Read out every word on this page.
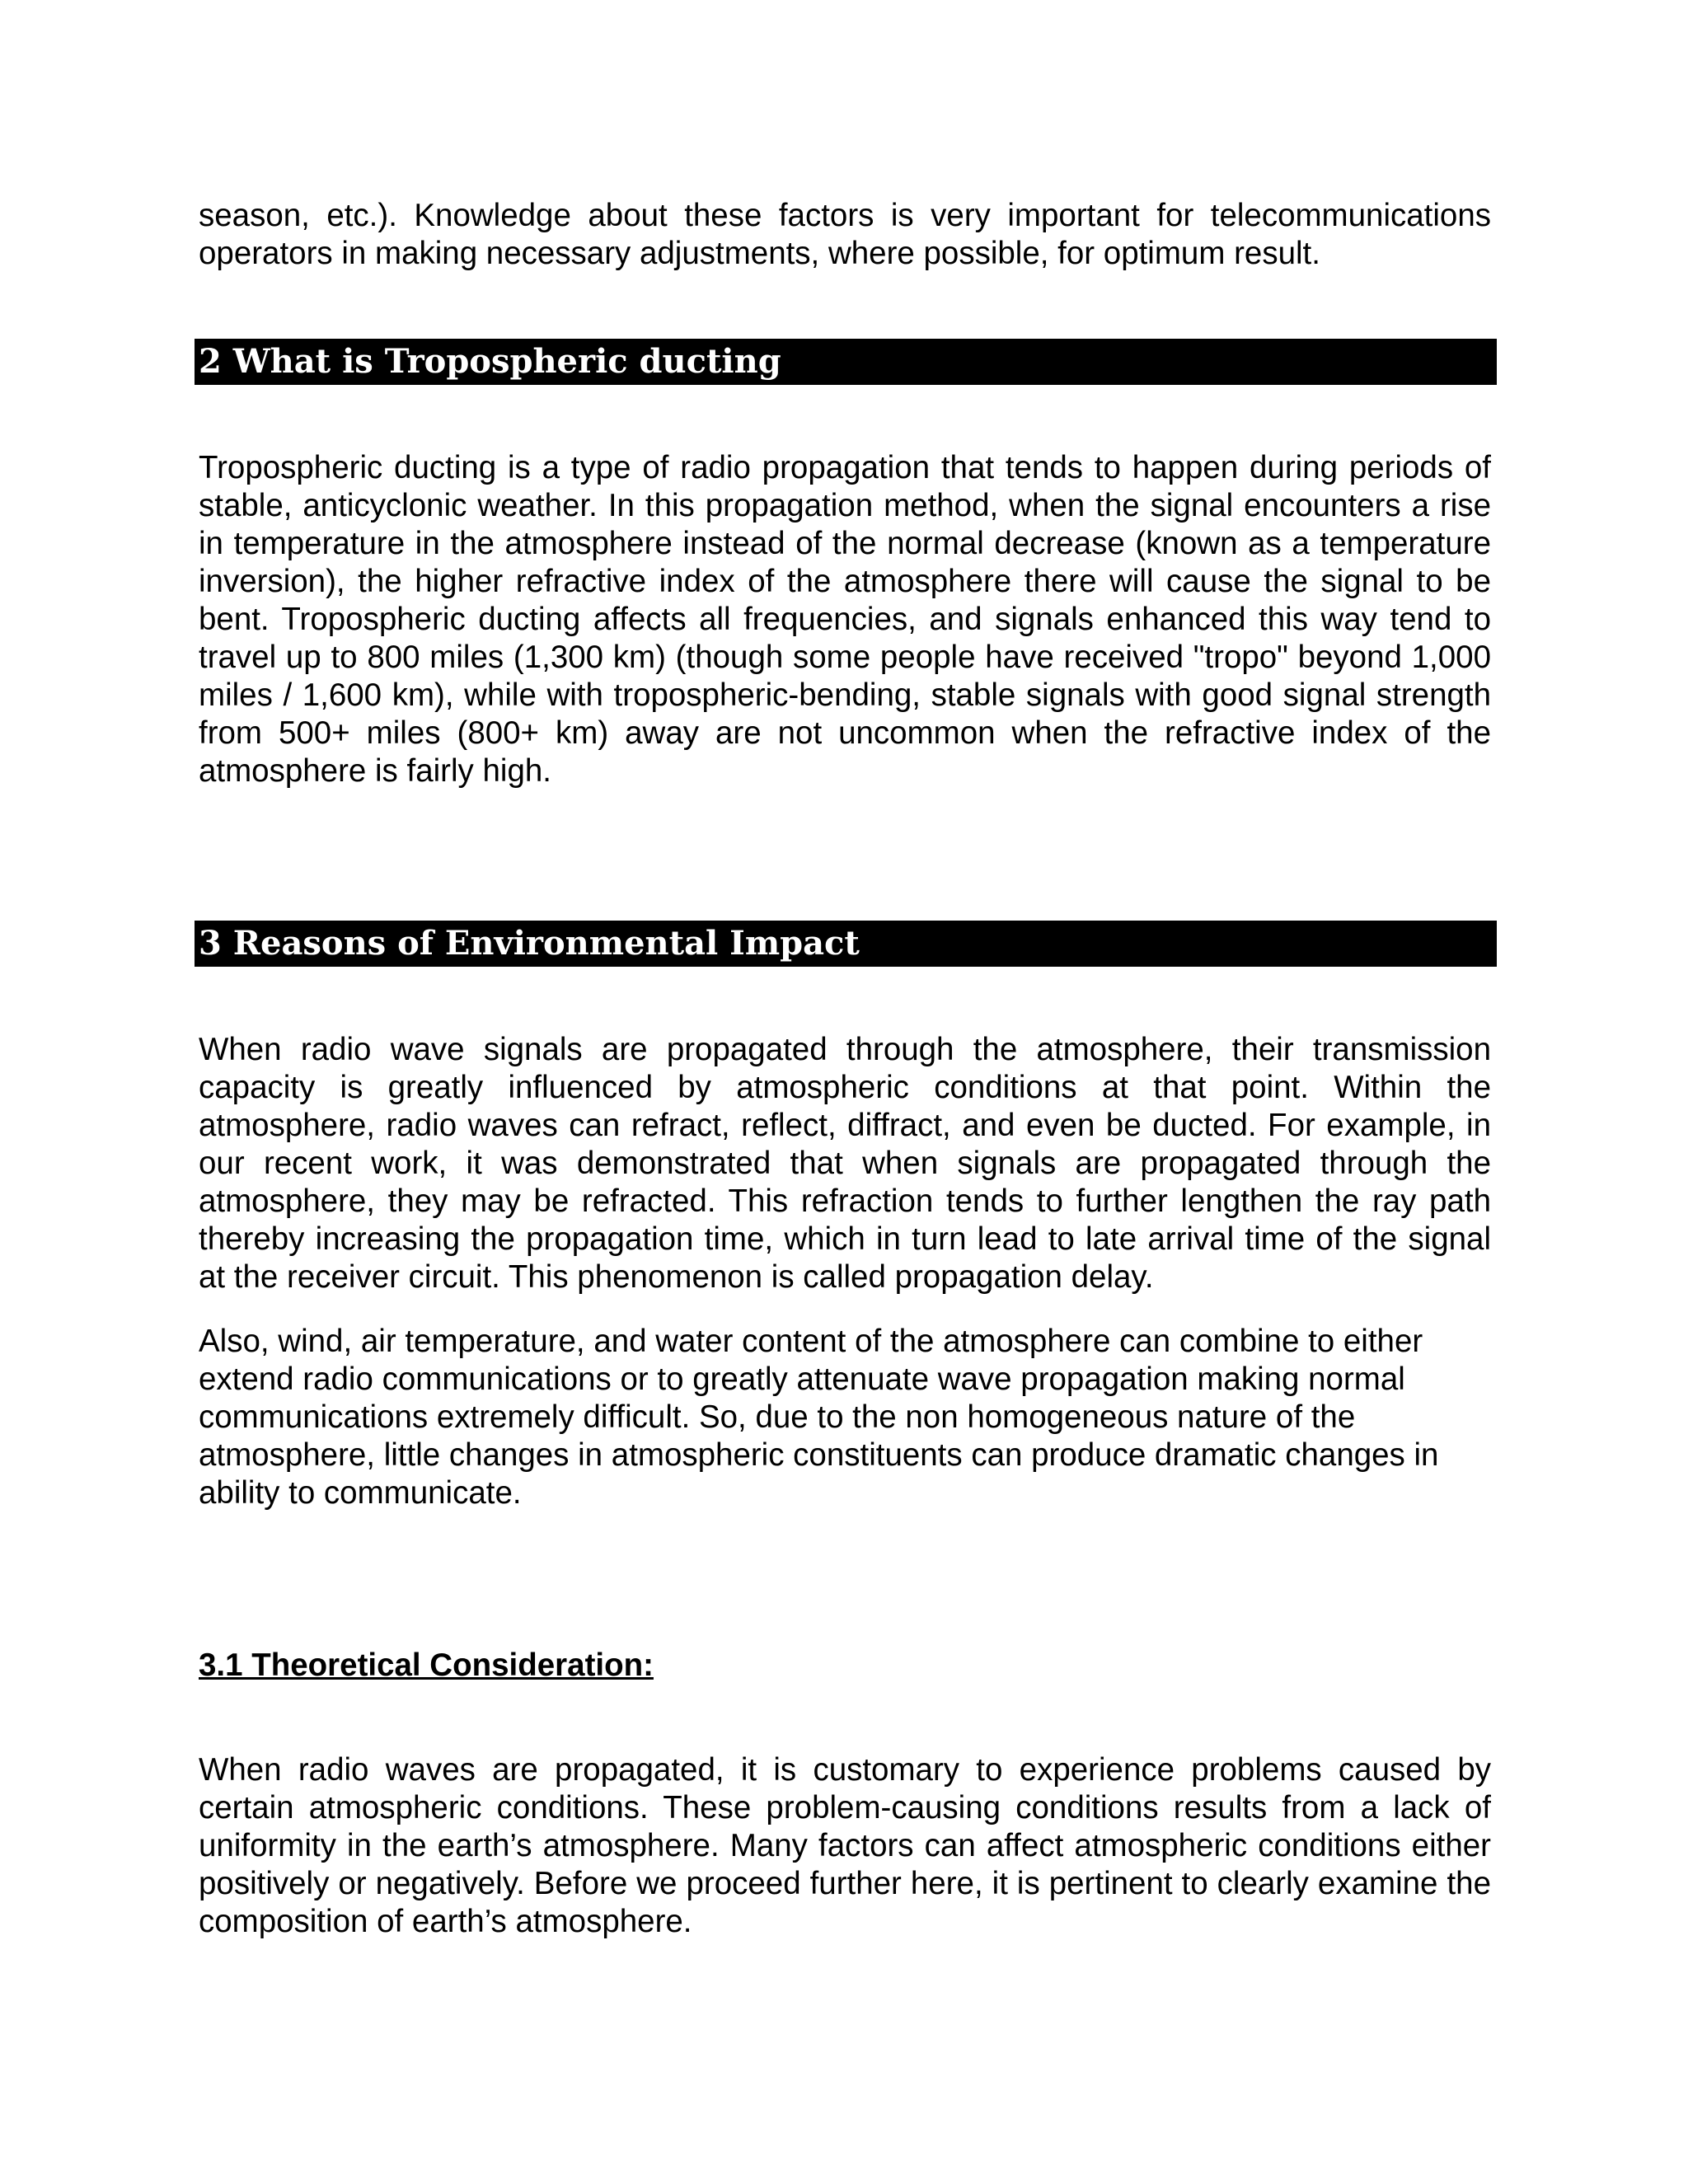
season, etc.). Knowledge about these factors is very important for telecommunications operators in making necessary adjustments, where possible, for optimum result.

2 What is Tropospheric ducting

Tropospheric ducting is a type of radio propagation that tends to happen during periods of stable, anticyclonic weather. In this propagation method, when the signal encounters a rise in temperature in the atmosphere instead of the normal decrease (known as a temperature inversion), the higher refractive index of the atmosphere there will cause the signal to be bent. Tropospheric ducting affects all frequencies, and signals enhanced this way tend to travel up to 800 miles (1,300 km) (though some people have received "tropo" beyond 1,000 miles / 1,600 km), while with tropospheric-bending, stable signals with good signal strength from 500+ miles (800+ km) away are not uncommon when the refractive index of the atmosphere is fairly high.

3 Reasons of Environmental Impact

When radio wave signals are propagated through the atmosphere, their transmission capacity is greatly influenced by atmospheric conditions at that point. Within the atmosphere, radio waves can refract, reflect, diffract, and even be ducted. For example, in our recent work, it was demonstrated that when signals are propagated through the atmosphere, they may be refracted. This refraction tends to further lengthen the ray path thereby increasing the propagation time, which in turn lead to late arrival time of the signal at the receiver circuit. This phenomenon is called propagation delay.

Also, wind, air temperature, and water content of the atmosphere can combine to either extend radio communications or to greatly attenuate wave propagation making normal communications extremely difficult. So, due to the non homogeneous nature of the atmosphere, little changes in atmospheric constituents can produce dramatic changes in ability to communicate.

3.1 Theoretical Consideration:

When radio waves are propagated, it is customary to experience problems caused by certain atmospheric conditions. These problem-causing conditions results from a lack of uniformity in the earth’s atmosphere. Many factors can affect atmospheric conditions either positively or negatively. Before we proceed further here, it is pertinent to clearly examine the composition of earth’s atmosphere.
